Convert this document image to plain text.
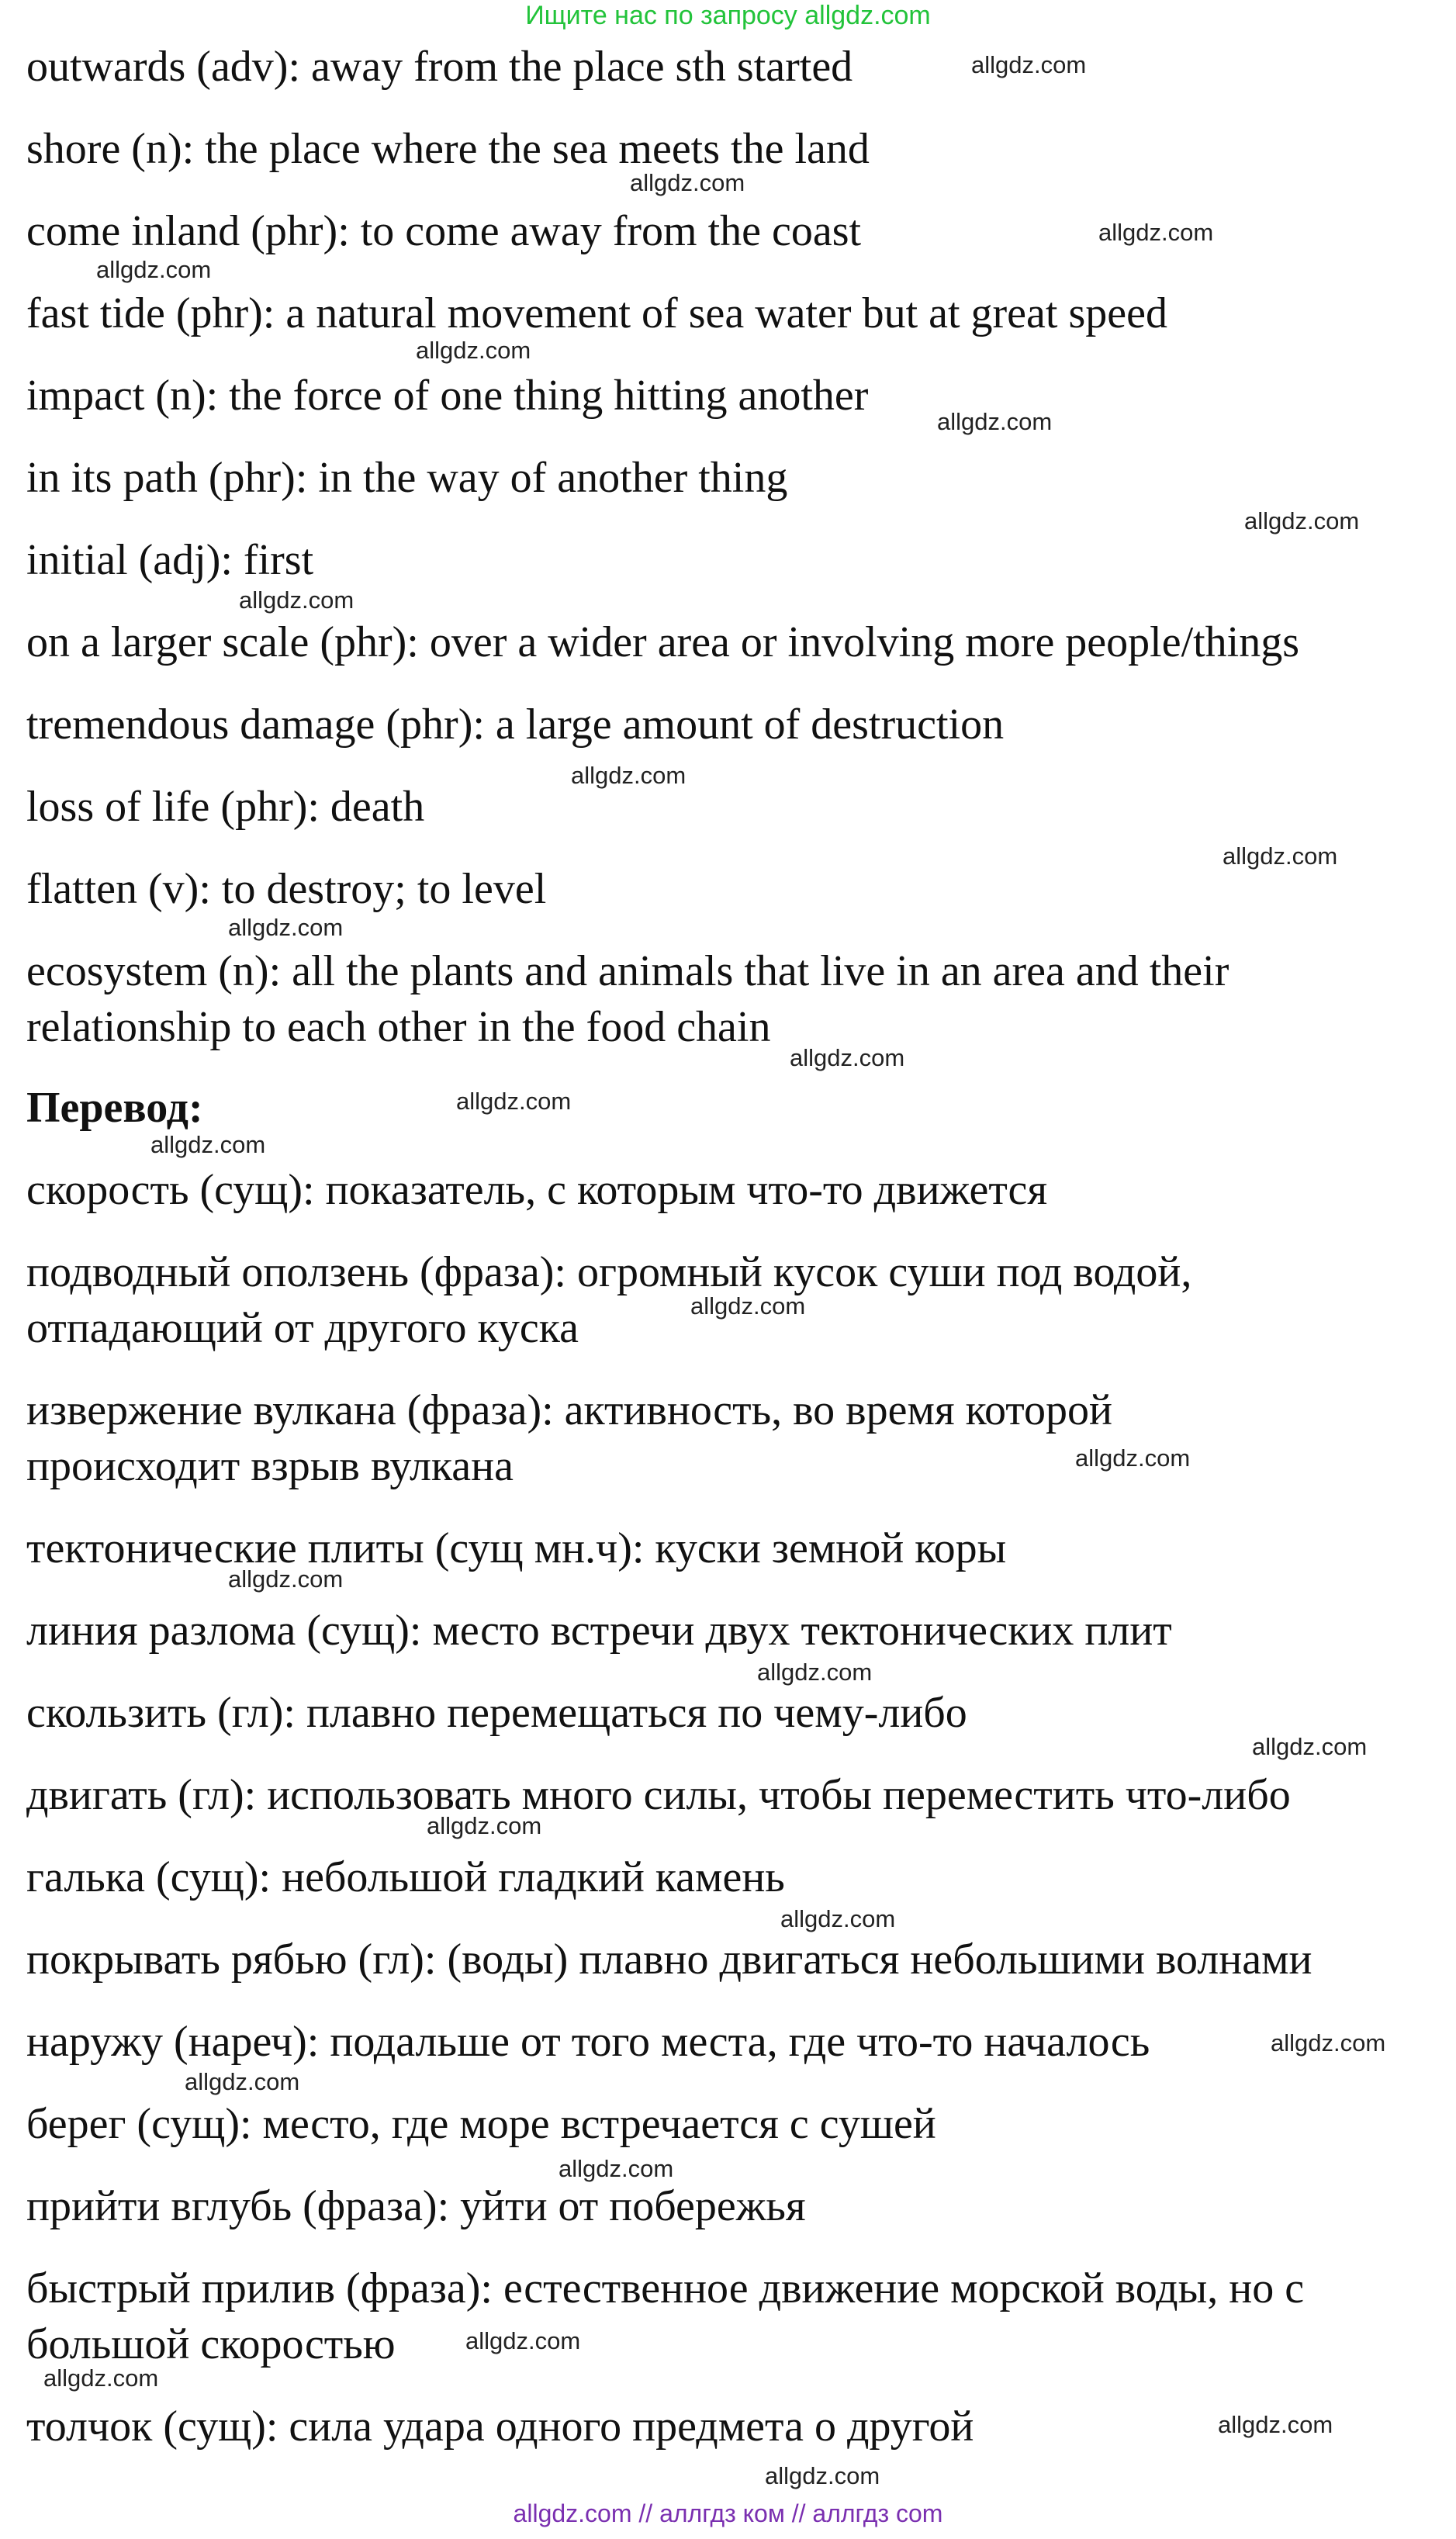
Ищите нас по запросу allgdz.com
outwards (adv): away from the place sth started
shore (n): the place where the sea meets the land
come inland (phr): to come away from the coast
fast tide (phr): a natural movement of sea water but at great speed
impact (n): the force of one thing hitting another
in its path (phr): in the way of another thing
initial (adj): first
on a larger scale (phr): over a wider area or involving more people/things
tremendous damage (phr): a large amount of destruction
loss of life (phr): death
flatten (v): to destroy; to level
ecosystem (n): all the plants and animals that live in an area and their
relationship to each other in the food chain
Перевод:
скорость (сущ): показатель, с которым что-то движется
подводный оползень (фраза): огромный кусок суши под водой,
отпадающий от другого куска
извержение вулкана (фраза): активность, во время которой
происходит взрыв вулкана
тектонические плиты (сущ мн.ч): куски земной коры
линия разлома (сущ): место встречи двух тектонических плит
скользить (гл): плавно перемещаться по чему-либо
двигать (гл): использовать много силы, чтобы переместить что-либо
галька (сущ): небольшой гладкий камень
покрывать рябью (гл): (воды) плавно двигаться небольшими волнами
наружу (нареч): подальше от того места, где что-то началось
берег (сущ): место, где море встречается с сушей
прийти вглубь (фраза): уйти от побережья
быстрый прилив (фраза): естественное движение морской воды, но с
большой скоростью
толчок (сущ): сила удара одного предмета о другой
allgdz.com
allgdz.com
allgdz.com
allgdz.com
allgdz.com
allgdz.com
allgdz.com
allgdz.com
allgdz.com
allgdz.com
allgdz.com
allgdz.com
allgdz.com
allgdz.com
allgdz.com
allgdz.com
allgdz.com
allgdz.com
allgdz.com
allgdz.com
allgdz.com
allgdz.com
allgdz.com
allgdz.com
allgdz.com
allgdz.com
allgdz.com
allgdz.com
allgdz.com // аллгдз ком // аллгдз com
